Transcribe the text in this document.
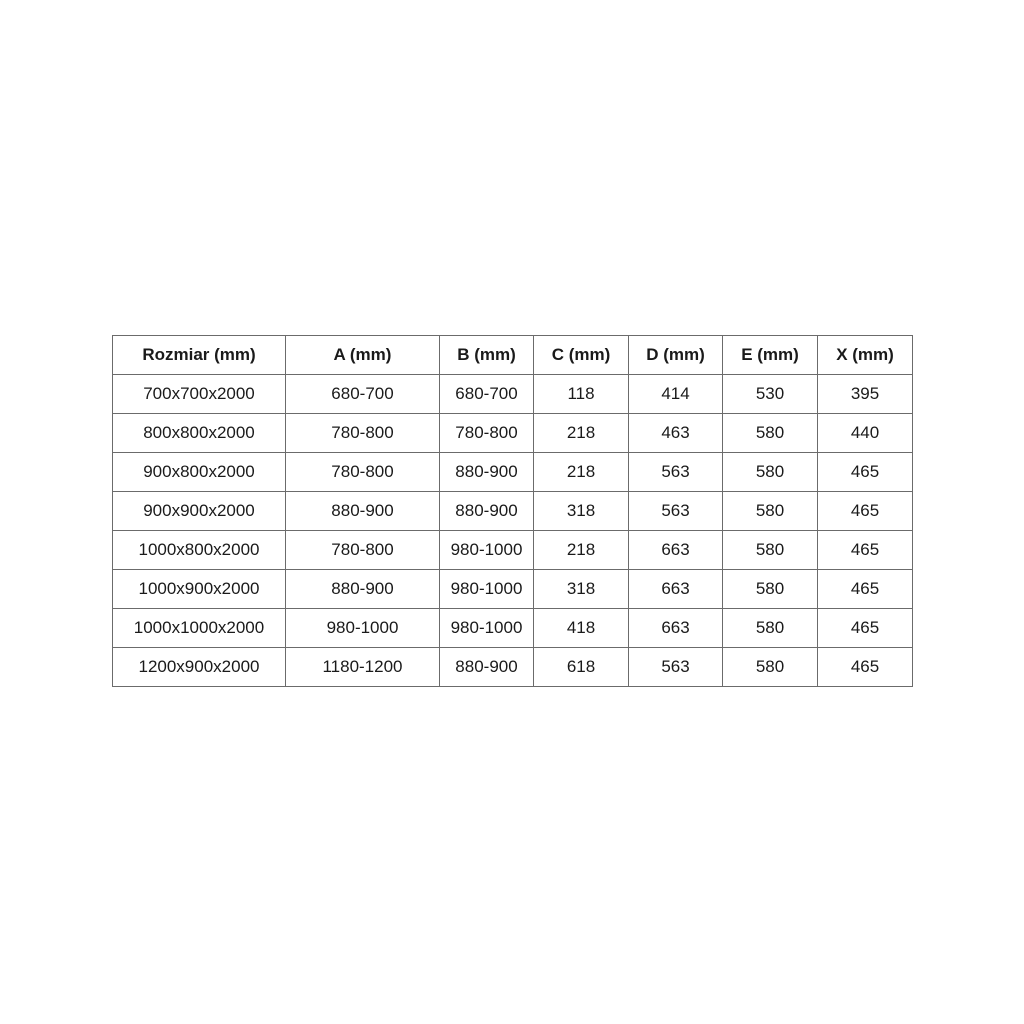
Rozmiar (mm)	A (mm)	B (mm)	C (mm)	D (mm)	E (mm)	X (mm)
700x700x2000	680-700	680-700	118	414	530	395
800x800x2000	780-800	780-800	218	463	580	440
900x800x2000	780-800	880-900	218	563	580	465
900x900x2000	880-900	880-900	318	563	580	465
1000x800x2000	780-800	980-1000	218	663	580	465
1000x900x2000	880-900	980-1000	318	663	580	465
1000x1000x2000	980-1000	980-1000	418	663	580	465
1200x900x2000	1180-1200	880-900	618	563	580	465
